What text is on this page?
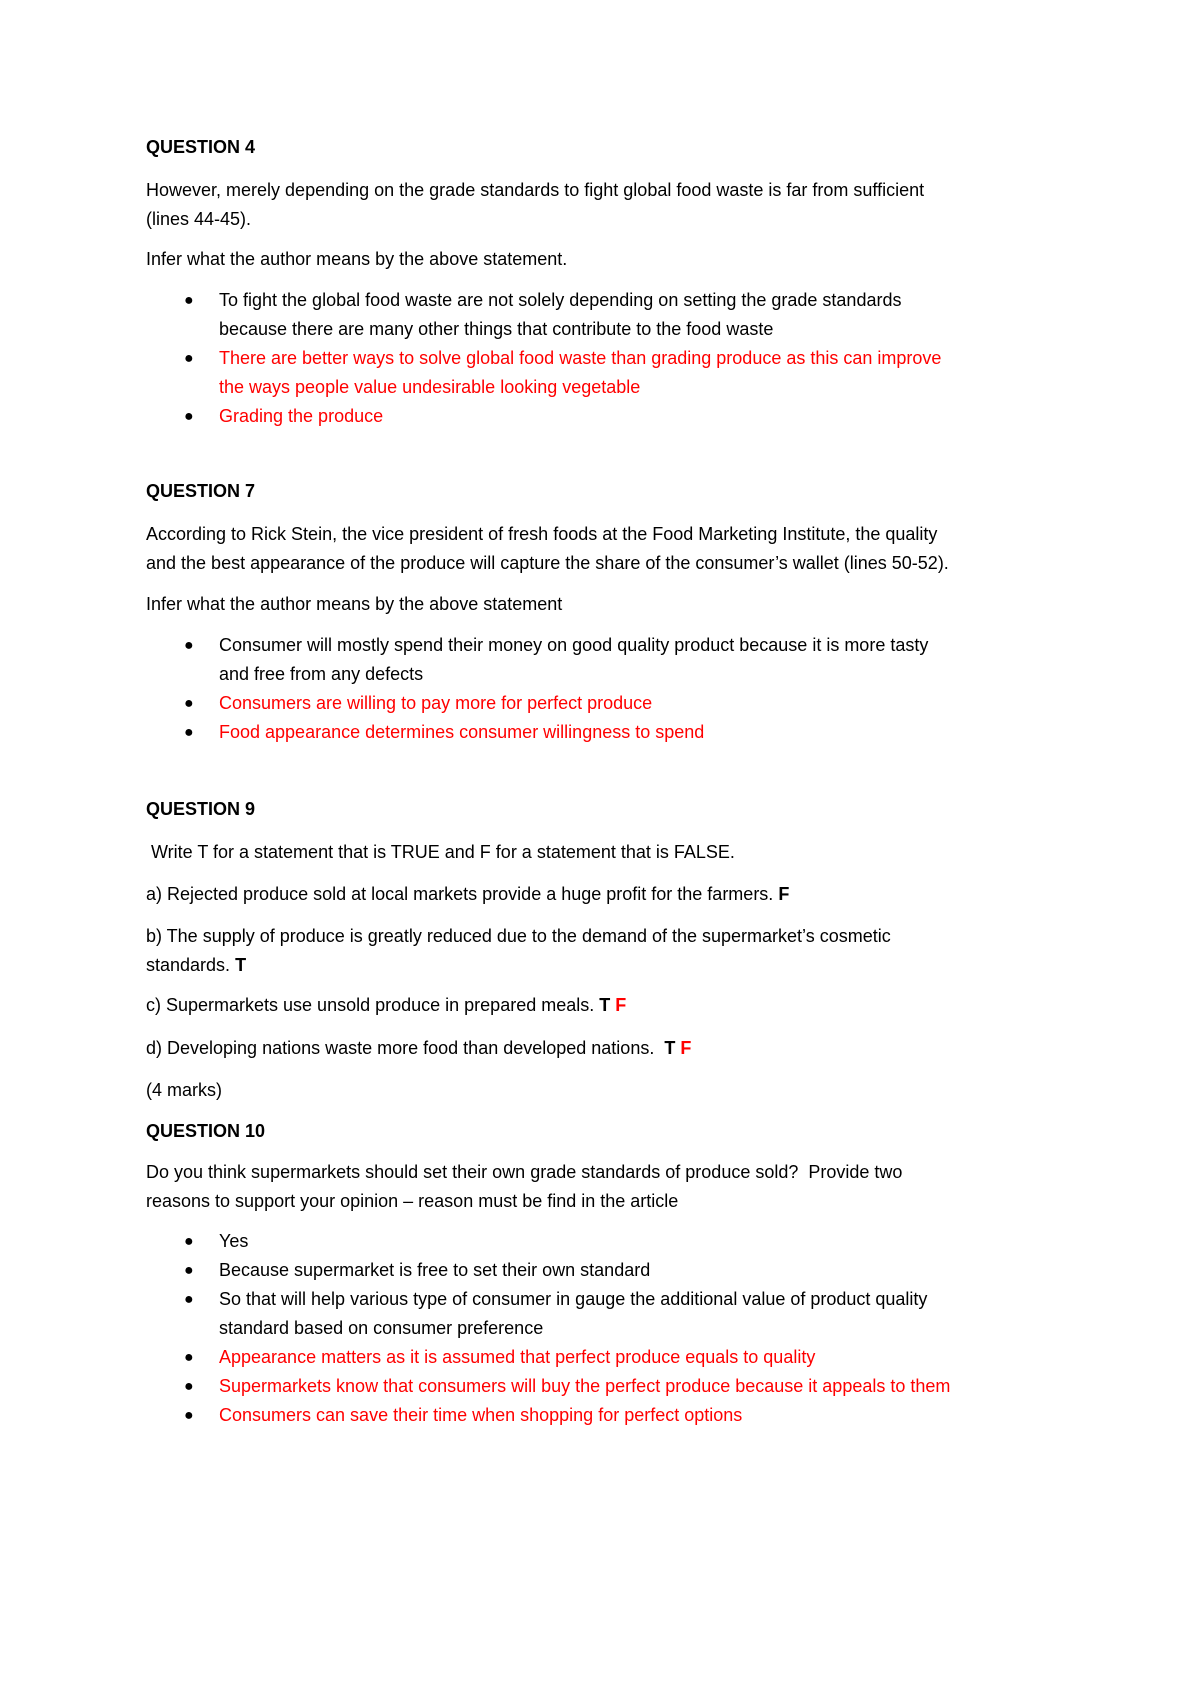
QUESTION 4

However, merely depending on the grade standards to fight global food waste is far from sufficient

(lines 44-45).

Infer what the author means by the above statement.

● To fight the global food waste are not solely depending on setting the grade standards
because there are many other things that contribute to the food waste
● There are better ways to solve global food waste than grading produce as this can improve
the ways people value undesirable looking vegetable
● Grading the produce

QUESTION 7

According to Rick Stein, the vice president of fresh foods at the Food Marketing Institute, the quality

and the best appearance of the produce will capture the share of the consumer’s wallet (lines 50-52).

Infer what the author means by the above statement

● Consumer will mostly spend their money on good quality product because it is more tasty
and free from any defects
● Consumers are willing to pay more for perfect produce
● Food appearance determines consumer willingness to spend

QUESTION 9

Write T for a statement that is TRUE and F for a statement that is FALSE.

a) Rejected produce sold at local markets provide a huge profit for the farmers. F

b) The supply of produce is greatly reduced due to the demand of the supermarket’s cosmetic

standards. T

c) Supermarkets use unsold produce in prepared meals. T F

d) Developing nations waste more food than developed nations.  T F

(4 marks)

QUESTION 10

Do you think supermarkets should set their own grade standards of produce sold?  Provide two

reasons to support your opinion – reason must be find in the article

● Yes
● Because supermarket is free to set their own standard
● So that will help various type of consumer in gauge the additional value of product quality
standard based on consumer preference
● Appearance matters as it is assumed that perfect produce equals to quality
● Supermarkets know that consumers will buy the perfect produce because it appeals to them
● Consumers can save their time when shopping for perfect options
